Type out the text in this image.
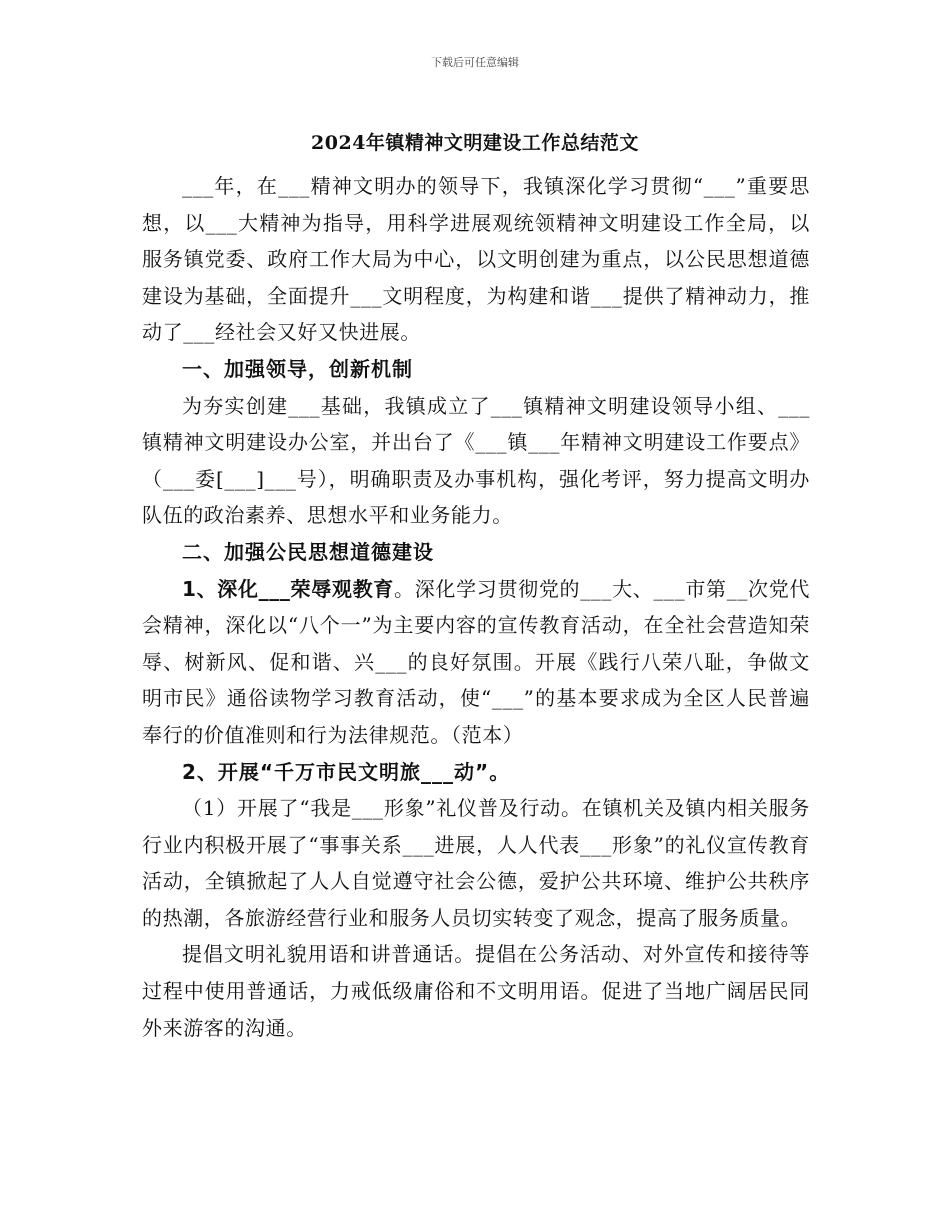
下载后可任意编辑
2024年镇精神文明建设工作总结范文

___年，在___精神文明办的领导下，我镇深化学习贯彻“___”重要思想，以___大精神为指导，用科学进展观统领精神文明建设工作全局，以服务镇党委、政府工作大局为中心，以文明创建为重点，以公民思想道德建设为基础，全面提升___文明程度，为构建和谐___提供了精神动力，推动了___经社会又好又快进展。

一、加强领导，创新机制

为夯实创建___基础，我镇成立了___镇精神文明建设领导小组、___镇精神文明建设办公室，并出台了《___镇___年精神文明建设工作要点》（___委[___]___号），明确职责及办事机构，强化考评，努力提高文明办队伍的政治素养、思想水平和业务能力。

二、加强公民思想道德建设

1、深化___荣辱观教育。深化学习贯彻党的___大、___市第__次党代会精神，深化以“八个一”为主要内容的宣传教育活动，在全社会营造知荣辱、树新风、促和谐、兴___的良好氛围。开展《践行八荣八耻，争做文明市民》通俗读物学习教育活动，使“___”的基本要求成为全区人民普遍奉行的价值准则和行为法律规范。（范本）

2、开展“千万市民文明旅___动”。

（1）开展了“我是___形象”礼仪普及行动。在镇机关及镇内相关服务行业内积极开展了“事事关系___进展，人人代表___形象”的礼仪宣传教育活动，全镇掀起了人人自觉遵守社会公德，爱护公共环境、维护公共秩序的热潮，各旅游经营行业和服务人员切实转变了观念，提高了服务质量。

提倡文明礼貌用语和讲普通话。提倡在公务活动、对外宣传和接待等过程中使用普通话，力戒低级庸俗和不文明用语。促进了当地广阔居民同外来游客的沟通。
